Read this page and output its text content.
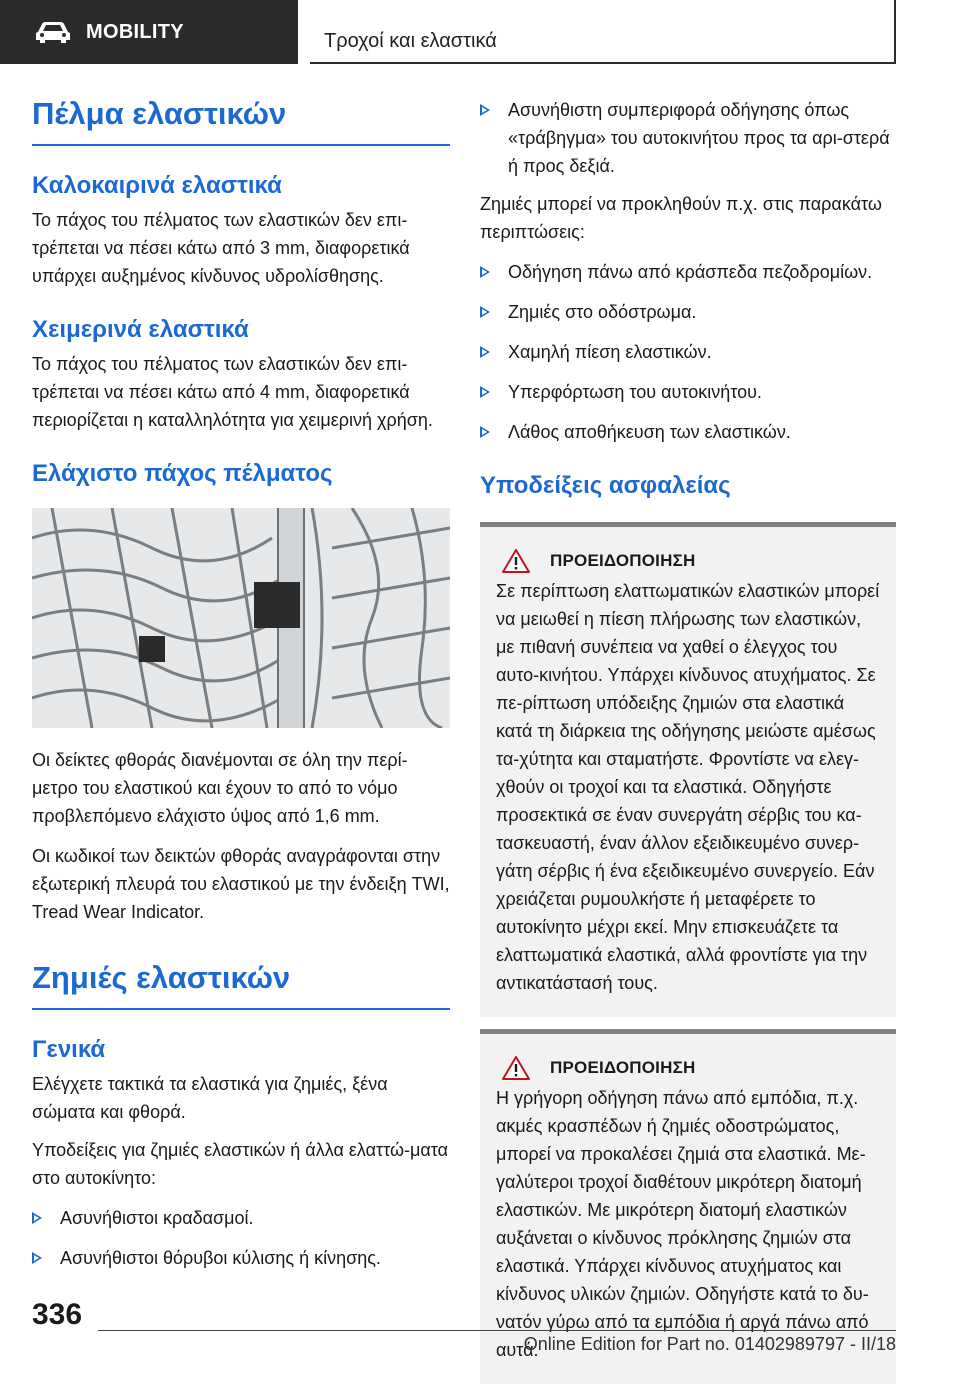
MOBILITY	Τροχοί και ελαστικά
Πέλμα ελαστικών
Καλοκαιρινά ελαστικά

Το πάχος του πέλματος των ελαστικών δεν επι-τρέπεται να πέσει κάτω από 3 mm, διαφορετικά υπάρχει αυξημένος κίνδυνος υδρολίσθησης.

Χειμερινά ελαστικά

Το πάχος του πέλματος των ελαστικών δεν επι-τρέπεται να πέσει κάτω από 4 mm, διαφορετικά περιορίζεται η καταλληλότητα για χειμερινή χρήση.

Ελάχιστο πάχος πέλματος

Οι δείκτες φθοράς διανέμονται σε όλη την περί-μετρο του ελαστικού και έχουν το από το νόμο προβλεπόμενο ελάχιστο ύψος από 1,6 mm.

Οι κωδικοί των δεικτών φθοράς αναγράφονται στην εξωτερική πλευρά του ελαστικού με την ένδειξη TWI, Tread Wear Indicator.

Ζημιές ελαστικών
Γενικά

Ελέγχετε τακτικά τα ελαστικά για ζημιές, ξένα σώματα και φθορά.

Υποδείξεις για ζημιές ελαστικών ή άλλα ελαττώ-ματα στο αυτοκίνητο:

Ασυνήθιστοι κραδασμοί.
Ασυνήθιστοι θόρυβοι κύλισης ή κίνησης.
Ασυνήθιστη συμπεριφορά οδήγησης όπως «τράβηγμα» του αυτοκινήτου προς τα αρι-στερά ή προς δεξιά.

Ζημιές μπορεί να προκληθούν π.χ. στις παρακάτω περιπτώσεις:

Οδήγηση πάνω από κράσπεδα πεζοδρομίων.
Ζημιές στο οδόστρωμα.
Χαμηλή πίεση ελαστικών.
Υπερφόρτωση του αυτοκινήτου.
Λάθος αποθήκευση των ελαστικών.
Υποδείξεις ασφαλείας
ΠΡΟΕΙΔΟΠΟΙΗΣΗ

Σε περίπτωση ελαττωματικών ελαστικών μπορεί να μειωθεί η πίεση πλήρωσης των ελαστικών, με πιθανή συνέπεια να χαθεί ο έλεγχος του αυτο-κινήτου. Υπάρχει κίνδυνος ατυχήματος. Σε πε-ρίπτωση υπόδειξης ζημιών στα ελαστικά κατά τη διάρκεια της οδήγησης μειώστε αμέσως τα-χύτητα και σταματήστε. Φροντίστε να ελεγ-χθούν οι τροχοί και τα ελαστικά. Οδηγήστε προσεκτικά σε έναν συνεργάτη σέρβις του κα-τασκευαστή, έναν άλλον εξειδικευμένο συνερ-γάτη σέρβις ή ένα εξειδικευμένο συνεργείο. Εάν χρειάζεται ρυμουλκήστε ή μεταφέρετε το αυτοκίνητο μέχρι εκεί. Μην επισκευάζετε τα ελαττωματικά ελαστικά, αλλά φροντίστε για την αντικατάστασή τους.

ΠΡΟΕΙΔΟΠΟΙΗΣΗ

Η γρήγορη οδήγηση πάνω από εμπόδια, π.χ. ακμές κρασπέδων ή ζημιές οδοστρώματος, μπορεί να προκαλέσει ζημιά στα ελαστικά. Με-γαλύτεροι τροχοί διαθέτουν μικρότερη διατομή ελαστικών. Με μικρότερη διατομή ελαστικών αυξάνεται ο κίνδυνος πρόκλησης ζημιών στα ελαστικά. Υπάρχει κίνδυνος ατυχήματος και κίνδυνος υλικών ζημιών. Οδηγήστε κατά το δυ-νατόν γύρω από τα εμπόδια ή αργά πάνω από αυτά.

336
Online Edition for Part no. 01402989797 - II/18
